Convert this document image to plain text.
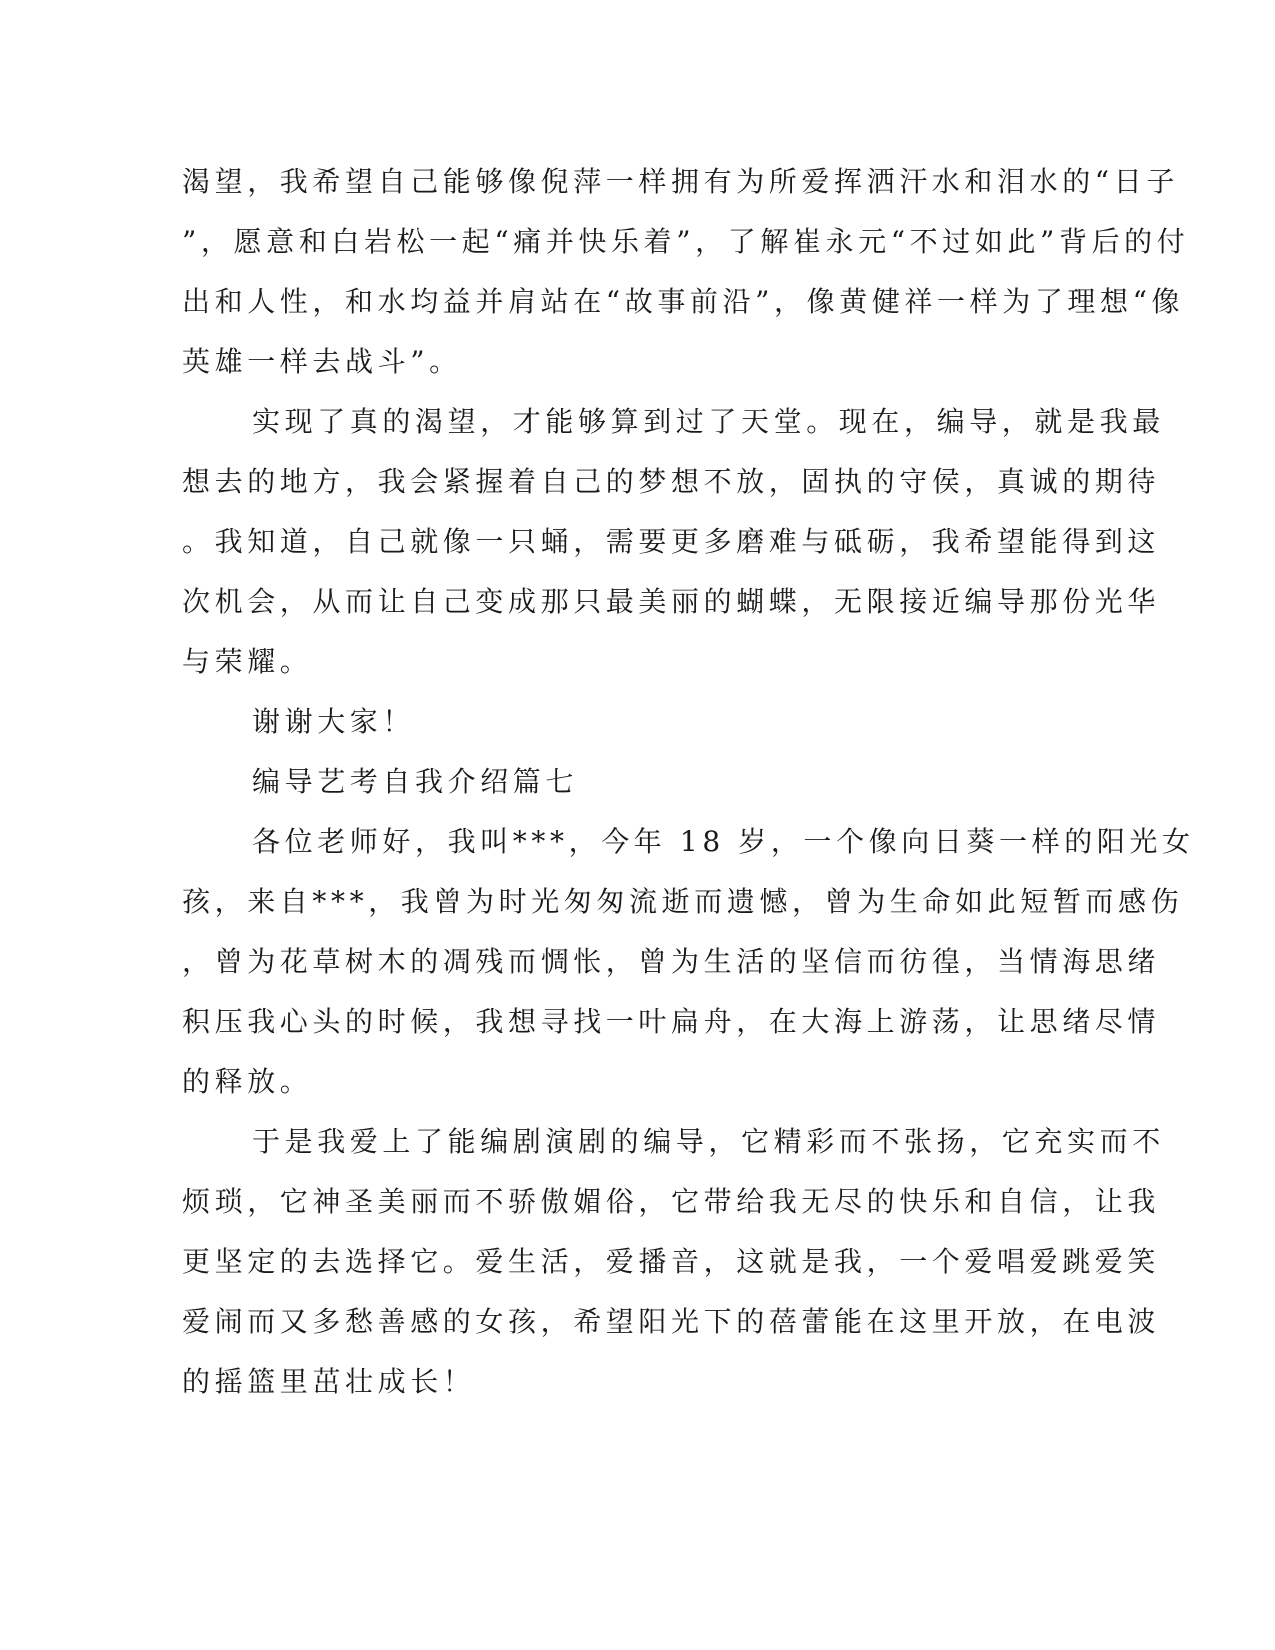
渴望，我希望自己能够像倪萍一样拥有为所爱挥洒汗水和泪水的“日子
”，愿意和白岩松一起“痛并快乐着”，了解崔永元“不过如此”背后的付
出和人性，和水均益并肩站在“故事前沿”，像黄健祥一样为了理想“像
英雄一样去战斗”。
实现了真的渴望，才能够算到过了天堂。现在，编导，就是我最
想去的地方，我会紧握着自己的梦想不放，固执的守侯，真诚的期待
。我知道，自己就像一只蛹，需要更多磨难与砥砺，我希望能得到这
次机会，从而让自己变成那只最美丽的蝴蝶，无限接近编导那份光华
与荣耀。
谢谢大家！
编导艺考自我介绍篇七
各位老师好，我叫***，今年 18 岁，一个像向日葵一样的阳光女
孩，来自***，我曾为时光匆匆流逝而遗憾，曾为生命如此短暂而感伤
，曾为花草树木的凋残而惆怅，曾为生活的坚信而彷徨，当情海思绪
积压我心头的时候，我想寻找一叶扁舟，在大海上游荡，让思绪尽情
的释放。
于是我爱上了能编剧演剧的编导，它精彩而不张扬，它充实而不
烦琐，它神圣美丽而不骄傲媚俗，它带给我无尽的快乐和自信，让我
更坚定的去选择它。爱生活，爱播音，这就是我，一个爱唱爱跳爱笑
爱闹而又多愁善感的女孩，希望阳光下的蓓蕾能在这里开放，在电波
的摇篮里茁壮成长！
